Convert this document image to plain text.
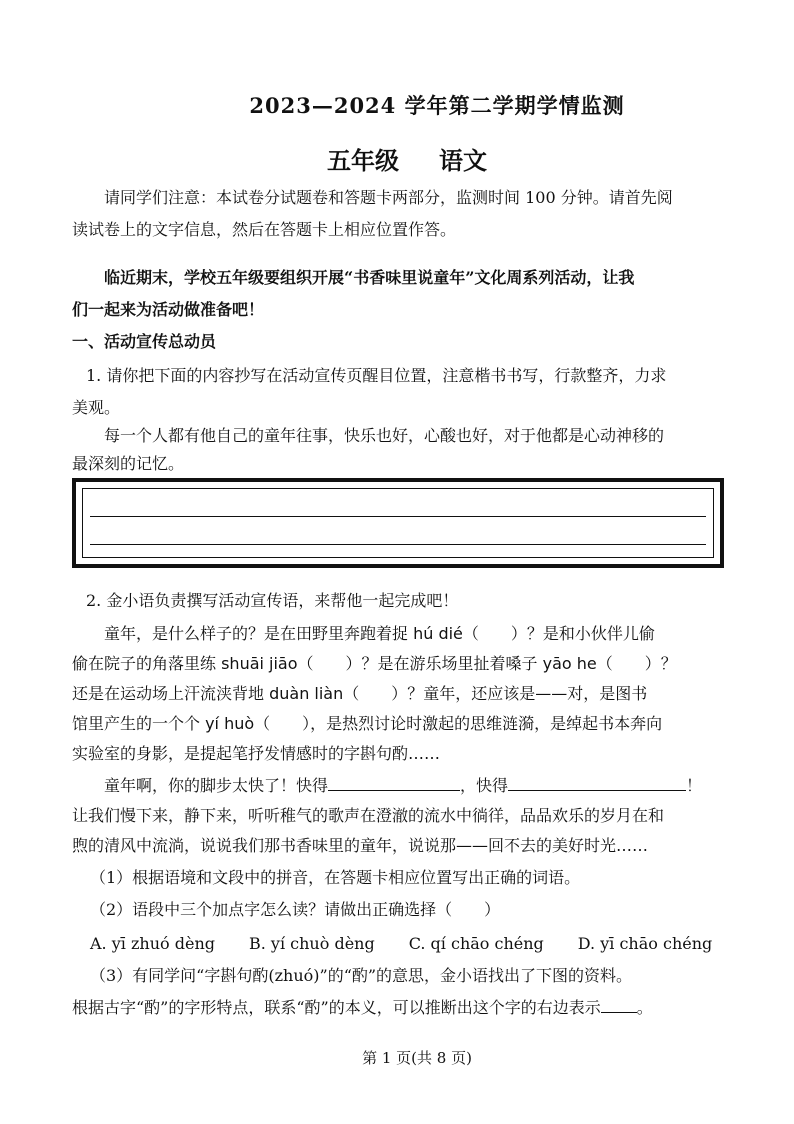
2023—2024 学年第二学期学情监测
五年级 语文
请同学们注意：本试卷分试题卷和答题卡两部分，监测时间 100 分钟。请首先阅
读试卷上的文字信息，然后在答题卡上相应位置作答。
临近期末，学校五年级要组织开展“书香味里说童年”文化周系列活动，让我
们一起来为活动做准备吧！
一、活动宣传总动员
1. 请你把下面的内容抄写在活动宣传页醒目位置，注意楷书书写，行款整齐，力求
美观。
每一个人都有他自己的童年往事，快乐也好，心酸也好，对于他都是心动神移的
最深刻的记忆。
2. 金小语负责撰写活动宣传语，来帮他一起完成吧！
童年，是什么样子的？是在田野里奔跑着捉 hú dié（　　）？是和小伙伴儿偷
偷在院子的角落里练 shuāi jiāo（　　）？是在游乐场里扯着嗓子 yāo he（　　）？
还是在运动场上汗流浃背地 duàn liàn（　　）？童年，还应该是——对，是图书
馆里产生的一个个 yí huò（　　），是热烈讨论时激起的思维涟漪，是绰起书本奔向
实验室的身影，是提起笔抒发情感时的字斟句酌……
童年啊，你的脚步太快了！快得	，快得	！
让我们慢下来，静下来，听听稚气的歌声在澄澈的流水中徜徉，品品欢乐的岁月在和
煦的清风中流淌，说说我们那书香味里的童年，说说那——回不去的美好时光……
（1）根据语境和文段中的拼音，在答题卡相应位置写出正确的词语。
（2）语段中三个加点字怎么读？请做出正确选择（　　）
A. yī zhuó dèng B. yí chuò dèng C. qí chāo chéng D. yī chāo chéng
（3）有同学问“字斟句酌(zhuó)”的“酌”的意思，金小语找出了下图的资料。
根据古字“酌”的字形特点，联系“酌”的本义，可以推断出这个字的右边表示 。
第 1 页(共 8 页)
